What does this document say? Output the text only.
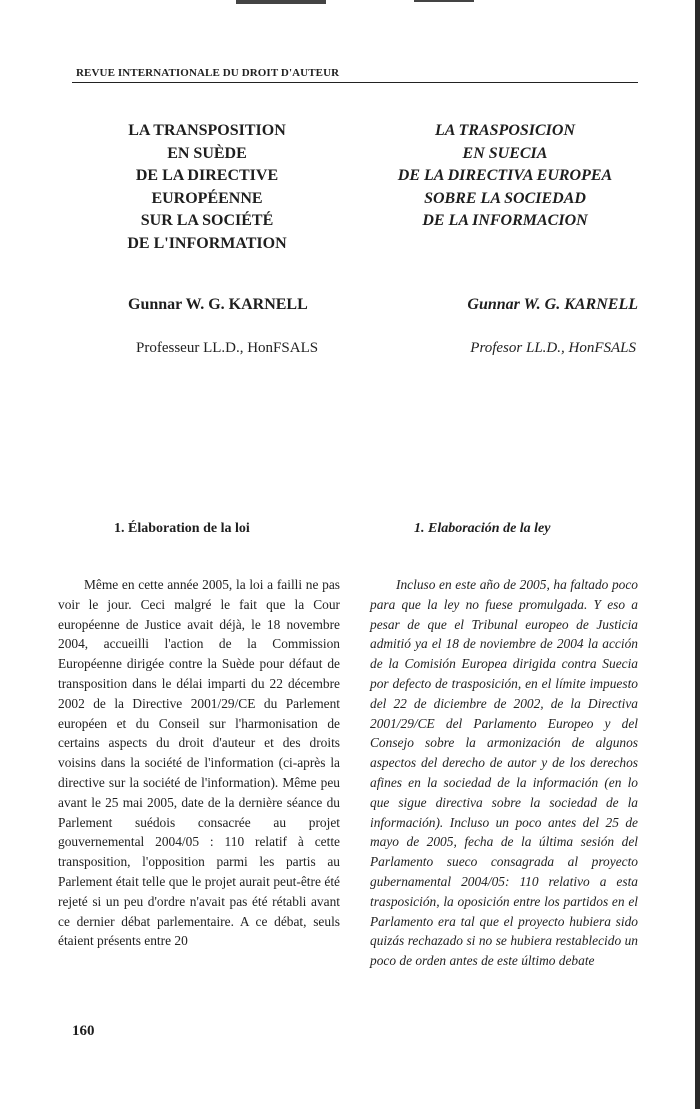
REVUE INTERNATIONALE DU DROIT D'AUTEUR
LA TRANSPOSITION
EN SUÈDE
DE LA DIRECTIVE
EUROPÉENNE
SUR LA SOCIÉTÉ
DE L'INFORMATION
Gunnar W. G. KARNELL
Professeur LL.D., HonFSALS
1. Élaboration de la loi

Même en cette année 2005, la loi a failli ne pas voir le jour. Ceci malgré le fait que la Cour européenne de Justice avait déjà, le 18 novembre 2004, accueilli l'action de la Commission Européenne dirigée contre la Suède pour défaut de transposition dans le délai imparti du 22 décembre 2002 de la Directive 2001/29/CE du Parlement européen et du Conseil sur l'harmonisation de certains aspects du droit d'auteur et des droits voisins dans la société de l'information (ci-après la directive sur la société de l'information). Même peu avant le 25 mai 2005, date de la dernière séance du Parlement suédois consacrée au projet gouvernemental 2004/05 : 110 relatif à cette transposition, l'opposition parmi les partis au Parlement était telle que le projet aurait peut-être été rejeté si un peu d'ordre n'avait pas été rétabli avant ce dernier débat parlementaire. A ce débat, seuls étaient présents entre 20

LA TRASPOSICION
EN SUECIA
DE LA DIRECTIVA EUROPEA
SOBRE LA SOCIEDAD
DE LA INFORMACION
Gunnar W. G. KARNELL
Profesor LL.D., HonFSALS
1. Elaboración de la ley

Incluso en este año de 2005, ha faltado poco para que la ley no fuese promulgada. Y eso a pesar de que el Tribunal europeo de Justicia admitió ya el 18 de noviembre de 2004 la acción de la Comisión Europea dirigida contra Suecia por defecto de trasposición, en el límite impuesto del 22 de diciembre de 2002, de la Directiva 2001/29/CE del Parlamento Europeo y del Consejo sobre la armonización de algunos aspectos del derecho de autor y de los derechos afines en la sociedad de la información (en lo que sigue directiva sobre la sociedad de la información). Incluso un poco antes del 25 de mayo de 2005, fecha de la última sesión del Parlamento sueco consagrada al proyecto gubernamental 2004/05: 110 relativo a esta trasposición, la oposición entre los partidos en el Parlamento era tal que el proyecto hubiera sido quizás rechazado si no se hubiera restablecido un poco de orden antes de este último debate

160
